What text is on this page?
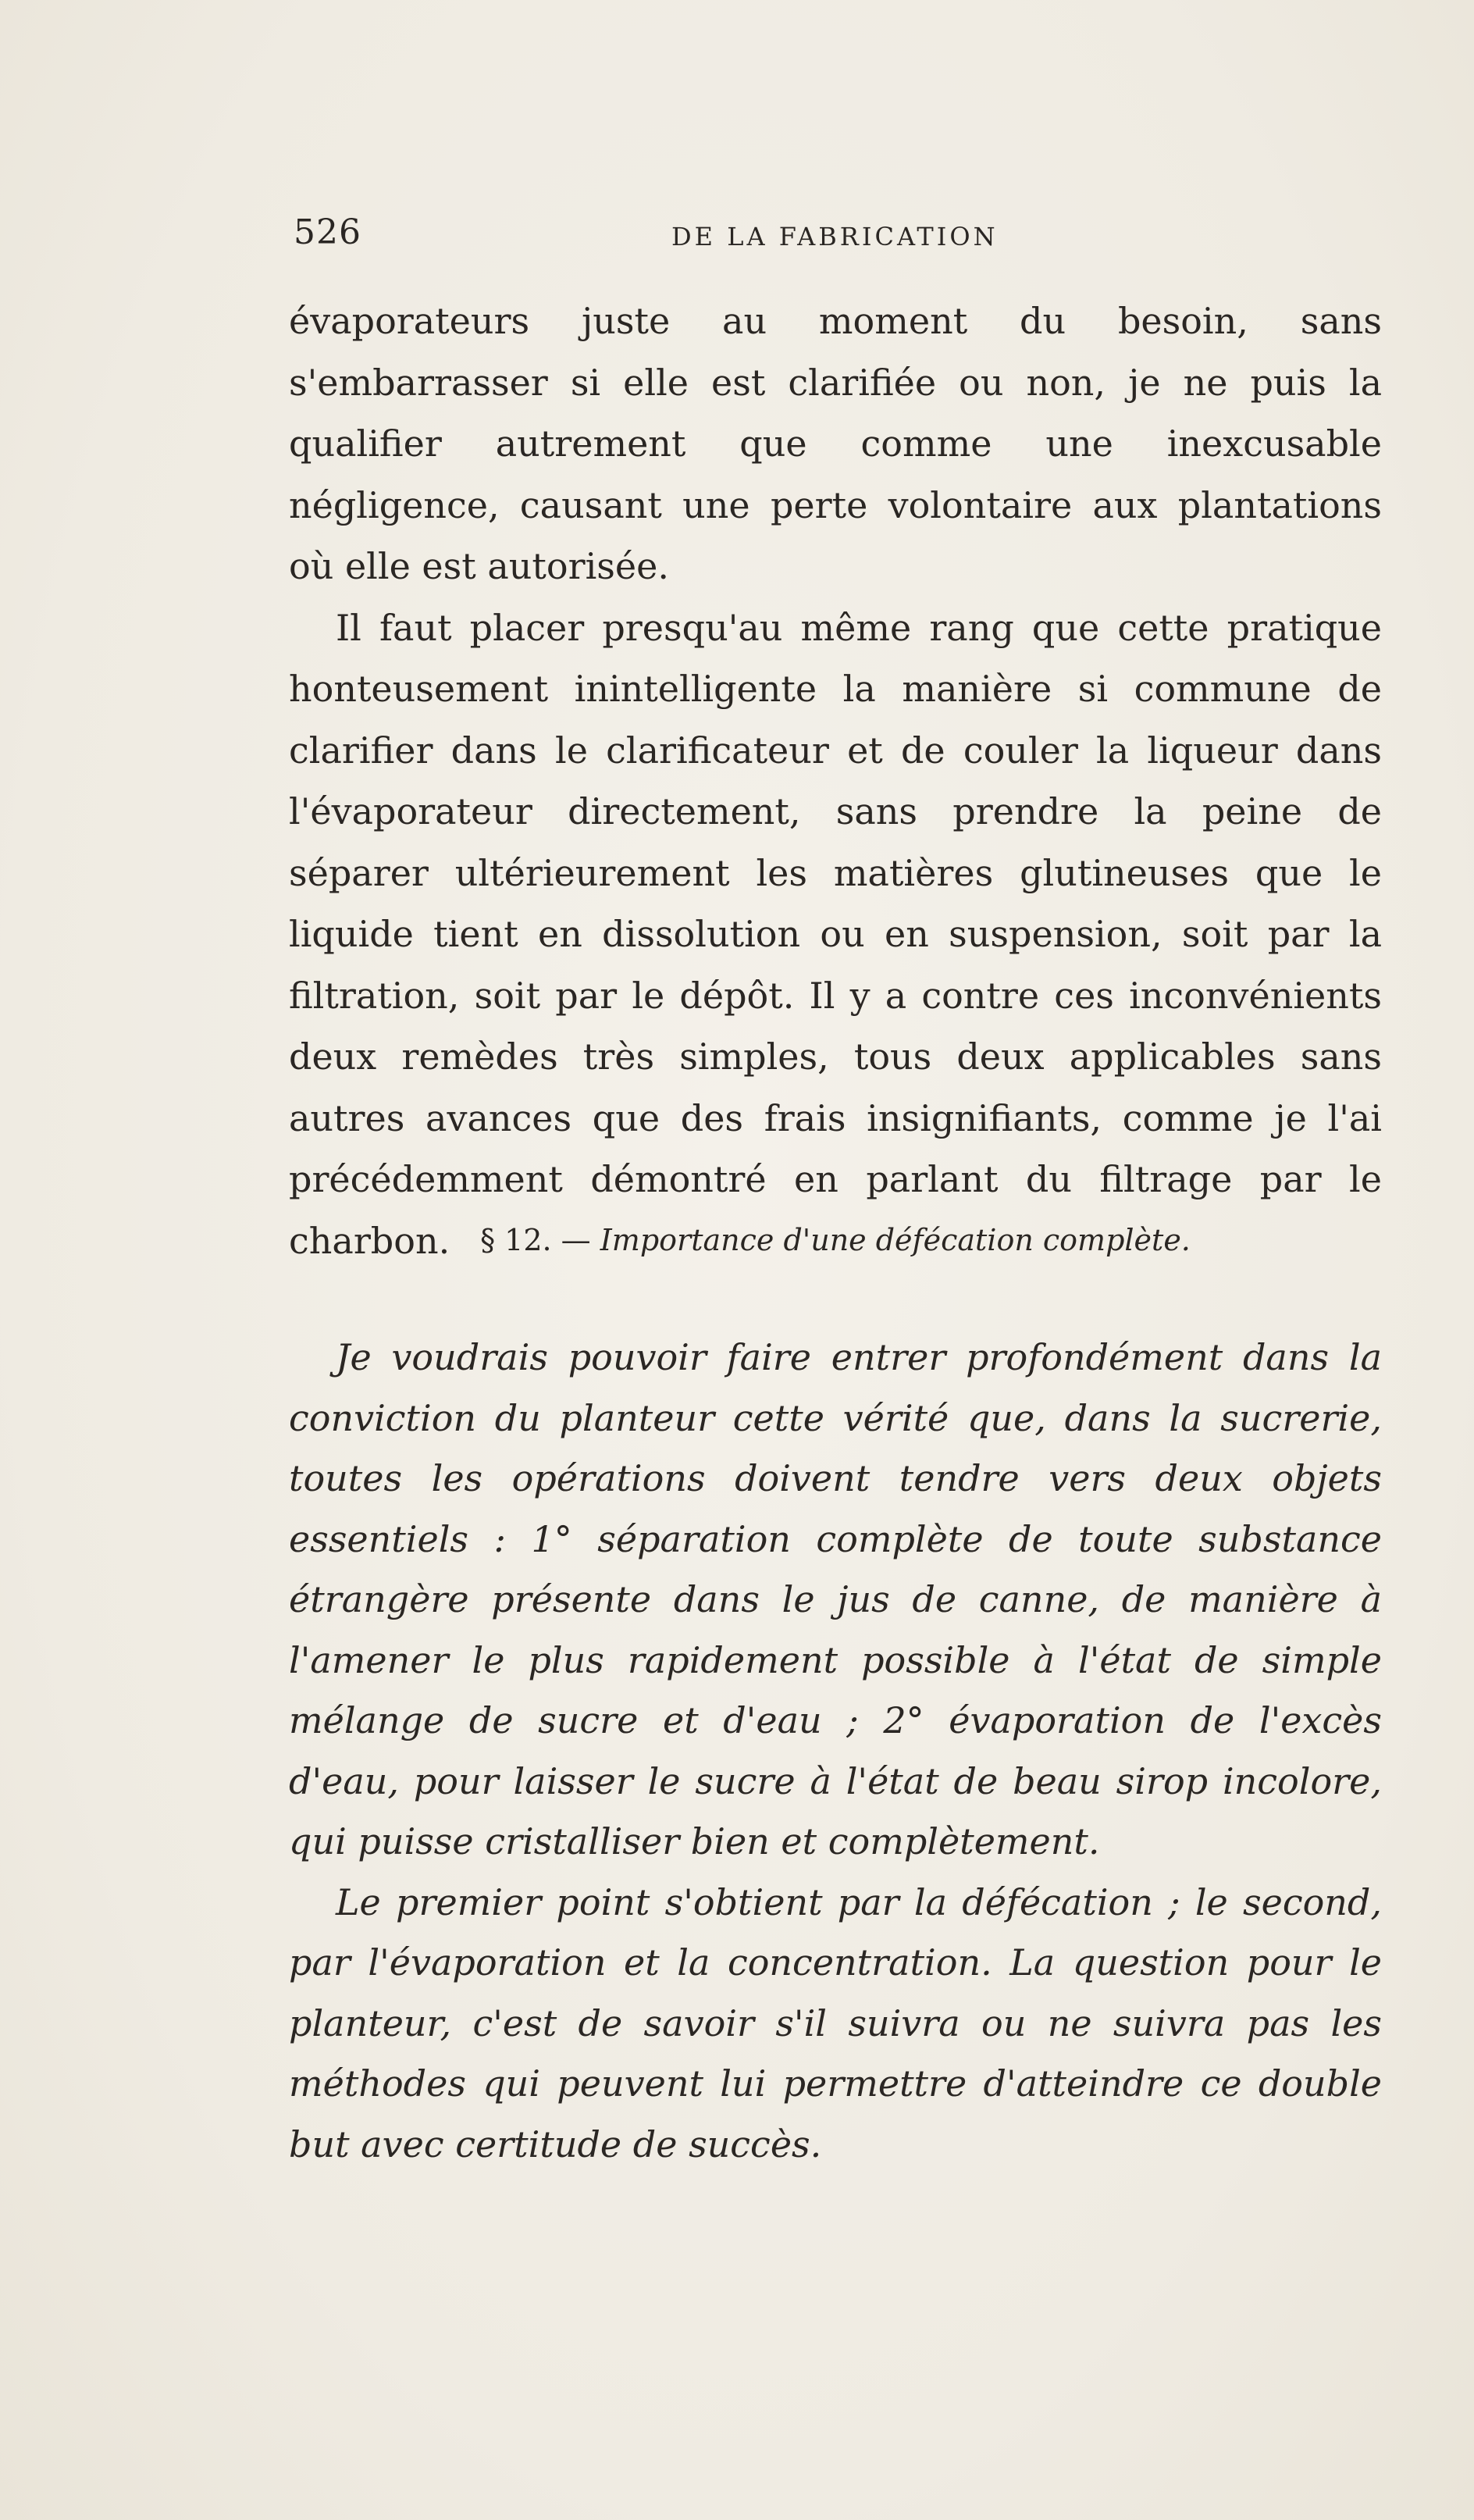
526	DE LA FABRICATION

évaporateurs juste au moment du besoin, sans s'embarrasser si elle est clarifiée ou non, je ne puis la qualifier autrement que comme une inexcusable négligence, causant une perte volontaire aux plantations où elle est autorisée.

Il faut placer presqu'au même rang que cette pratique honteusement inintelligente la manière si commune de clarifier dans le clarificateur et de couler la liqueur dans l'évaporateur directement, sans prendre la peine de séparer ultérieurement les matières glutineuses que le liquide tient en dissolution ou en suspension, soit par la filtration, soit par le dépôt. Il y a contre ces inconvénients deux remèdes très simples, tous deux applicables sans autres avances que des frais insignifiants, comme je l'ai précédemment démontré en parlant du filtrage par le charbon.	§ 12. — Importance d'une défécation complète.

Je voudrais pouvoir faire entrer profondément dans la conviction du planteur cette vérité que, dans la sucrerie, toutes les opérations doivent tendre vers deux objets essentiels : 1° séparation complète de toute substance étrangère présente dans le jus de canne, de manière à l'amener le plus rapidement possible à l'état de simple mélange de sucre et d'eau ; 2° évaporation de l'excès d'eau, pour laisser le sucre à l'état de beau sirop incolore, qui puisse cristalliser bien et complètement.

Le premier point s'obtient par la défécation ; le second, par l'évaporation et la concentration. La question pour le planteur, c'est de savoir s'il suivra ou ne suivra pas les méthodes qui peuvent lui permettre d'atteindre ce double but avec certitude de succès.
